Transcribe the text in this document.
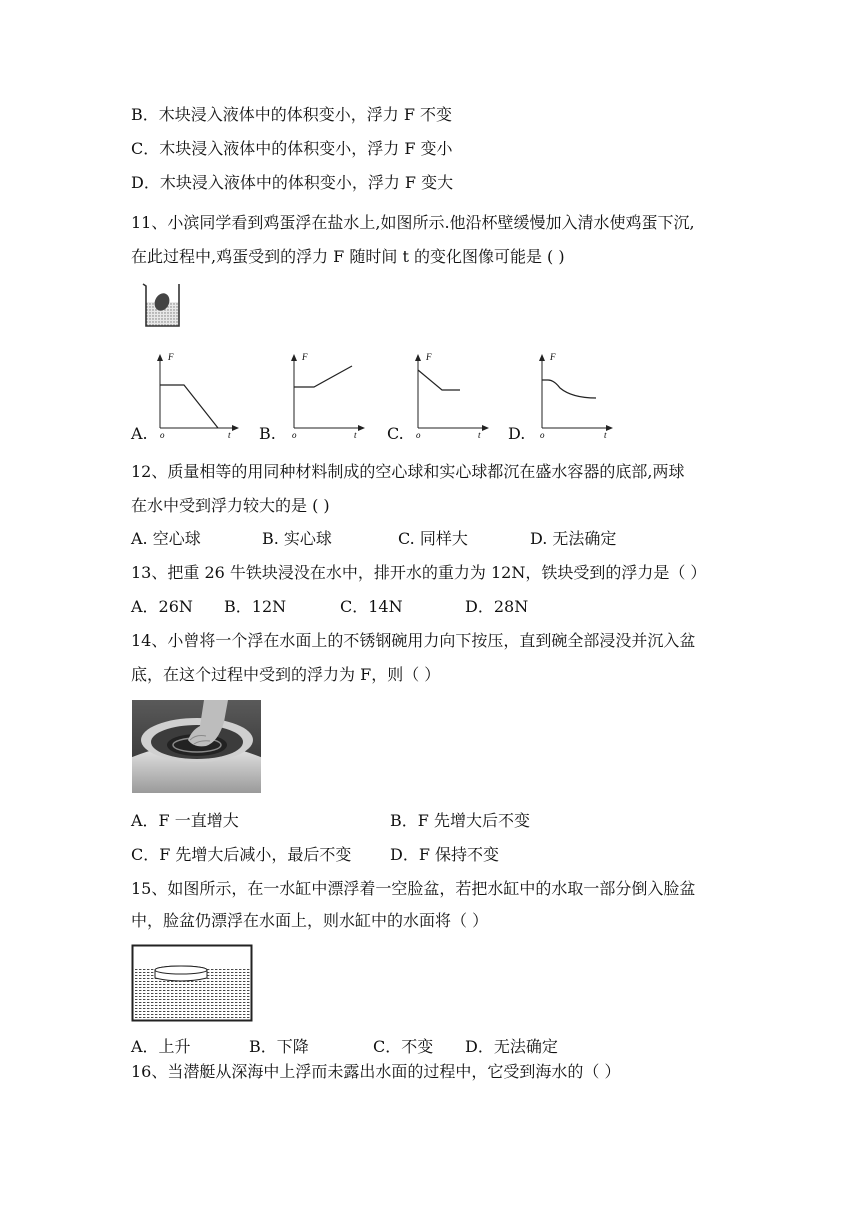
B．木块浸入液体中的体积变小，浮力 F 不变
C．木块浸入液体中的体积变小，浮力 F 变小
D．木块浸入液体中的体积变小，浮力 F 变大
11、小滨同学看到鸡蛋浮在盐水上,如图所示.他沿杯壁缓慢加入清水使鸡蛋下沉,
在此过程中,鸡蛋受到的浮力 F 随时间 t 的变化图像可能是 ( )
A.	B.	C.	D.
F
o	t
F
o	t
F
o	t
F
o	t
12、质量相等的用同种材料制成的空心球和实心球都沉在盛水容器的底部,两球
在水中受到浮力较大的是 ( )
A. 空心球	B. 实心球	C. 同样大	D. 无法确定
13、把重 26 牛铁块浸没在水中，排开水的重力为 12N，铁块受到的浮力是（ ）
A．26N B．12N	C．14N	D．28N
14、小曾将一个浮在水面上的不锈钢碗用力向下按压，直到碗全部浸没并沉入盆
底，在这个过程中受到的浮力为 F，则（ ）
A．F 一直增大	B．F 先增大后不变
C．F 先增大后减小，最后不变 D．F 保持不变
15、如图所示，在一水缸中漂浮着一空脸盆，若把水缸中的水取一部分倒入脸盆
中，脸盆仍漂浮在水面上，则水缸中的水面将（ ）
A．上升	B．下降	C．不变 D．无法确定
16、当潜艇从深海中上浮而未露出水面的过程中，它受到海水的（ ）
